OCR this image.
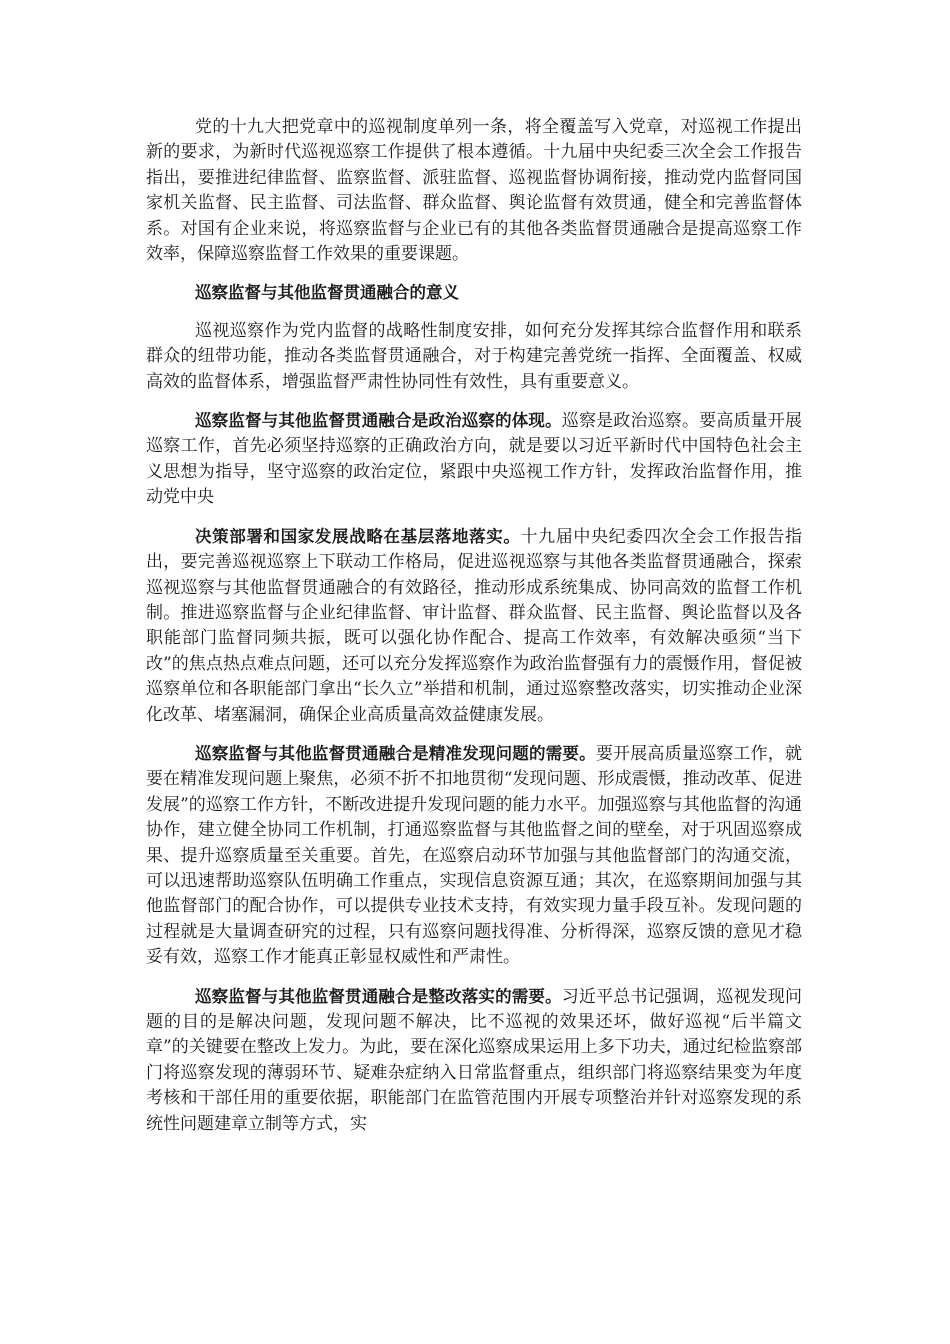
党的十九大把党章中的巡视制度单列一条，将全覆盖写入党章，对巡视工作提出新的要求，为新时代巡视巡察工作提供了根本遵循。十九届中央纪委三次全会工作报告指出，要推进纪律监督、监察监督、派驻监督、巡视监督协调衔接，推动党内监督同国家机关监督、民主监督、司法监督、群众监督、舆论监督有效贯通，健全和完善监督体系。对国有企业来说，将巡察监督与企业已有的其他各类监督贯通融合是提高巡察工作效率，保障巡察监督工作效果的重要课题。

巡察监督与其他监督贯通融合的意义

巡视巡察作为党内监督的战略性制度安排，如何充分发挥其综合监督作用和联系群众的纽带功能，推动各类监督贯通融合，对于构建完善党统一指挥、全面覆盖、权威高效的监督体系，增强监督严肃性协同性有效性，具有重要意义。

巡察监督与其他监督贯通融合是政治巡察的体现。巡察是政治巡察。要高质量开展巡察工作，首先必须坚持巡察的正确政治方向，就是要以习近平新时代中国特色社会主义思想为指导，坚守巡察的政治定位，紧跟中央巡视工作方针，发挥政治监督作用，推动党中央

决策部署和国家发展战略在基层落地落实。十九届中央纪委四次全会工作报告指出，要完善巡视巡察上下联动工作格局，促进巡视巡察与其他各类监督贯通融合，探索巡视巡察与其他监督贯通融合的有效路径，推动形成系统集成、协同高效的监督工作机制。推进巡察监督与企业纪律监督、审计监督、群众监督、民主监督、舆论监督以及各职能部门监督同频共振，既可以强化协作配合、提高工作效率，有效解决亟须“当下改”的焦点热点难点问题，还可以充分发挥巡察作为政治监督强有力的震慑作用，督促被巡察单位和各职能部门拿出“长久立”举措和机制，通过巡察整改落实，切实推动企业深化改革、堵塞漏洞，确保企业高质量高效益健康发展。

巡察监督与其他监督贯通融合是精准发现问题的需要。要开展高质量巡察工作，就要在精准发现问题上聚焦，必须不折不扣地贯彻“发现问题、形成震慑，推动改革、促进发展”的巡察工作方针，不断改进提升发现问题的能力水平。加强巡察与其他监督的沟通协作，建立健全协同工作机制，打通巡察监督与其他监督之间的壁垒，对于巩固巡察成果、提升巡察质量至关重要。首先，在巡察启动环节加强与其他监督部门的沟通交流，可以迅速帮助巡察队伍明确工作重点，实现信息资源互通；其次，在巡察期间加强与其他监督部门的配合协作，可以提供专业技术支持，有效实现力量手段互补。发现问题的过程就是大量调查研究的过程，只有巡察问题找得准、分析得深，巡察反馈的意见才稳妥有效，巡察工作才能真正彰显权威性和严肃性。

巡察监督与其他监督贯通融合是整改落实的需要。习近平总书记强调，巡视发现问题的目的是解决问题，发现问题不解决，比不巡视的效果还坏，做好巡视“后半篇文章”的关键要在整改上发力。为此，要在深化巡察成果运用上多下功夫，通过纪检监察部门将巡察发现的薄弱环节、疑难杂症纳入日常监督重点，组织部门将巡察结果变为年度考核和干部任用的重要依据，职能部门在监管范围内开展专项整治并针对巡察发现的系统性问题建章立制等方式，实
